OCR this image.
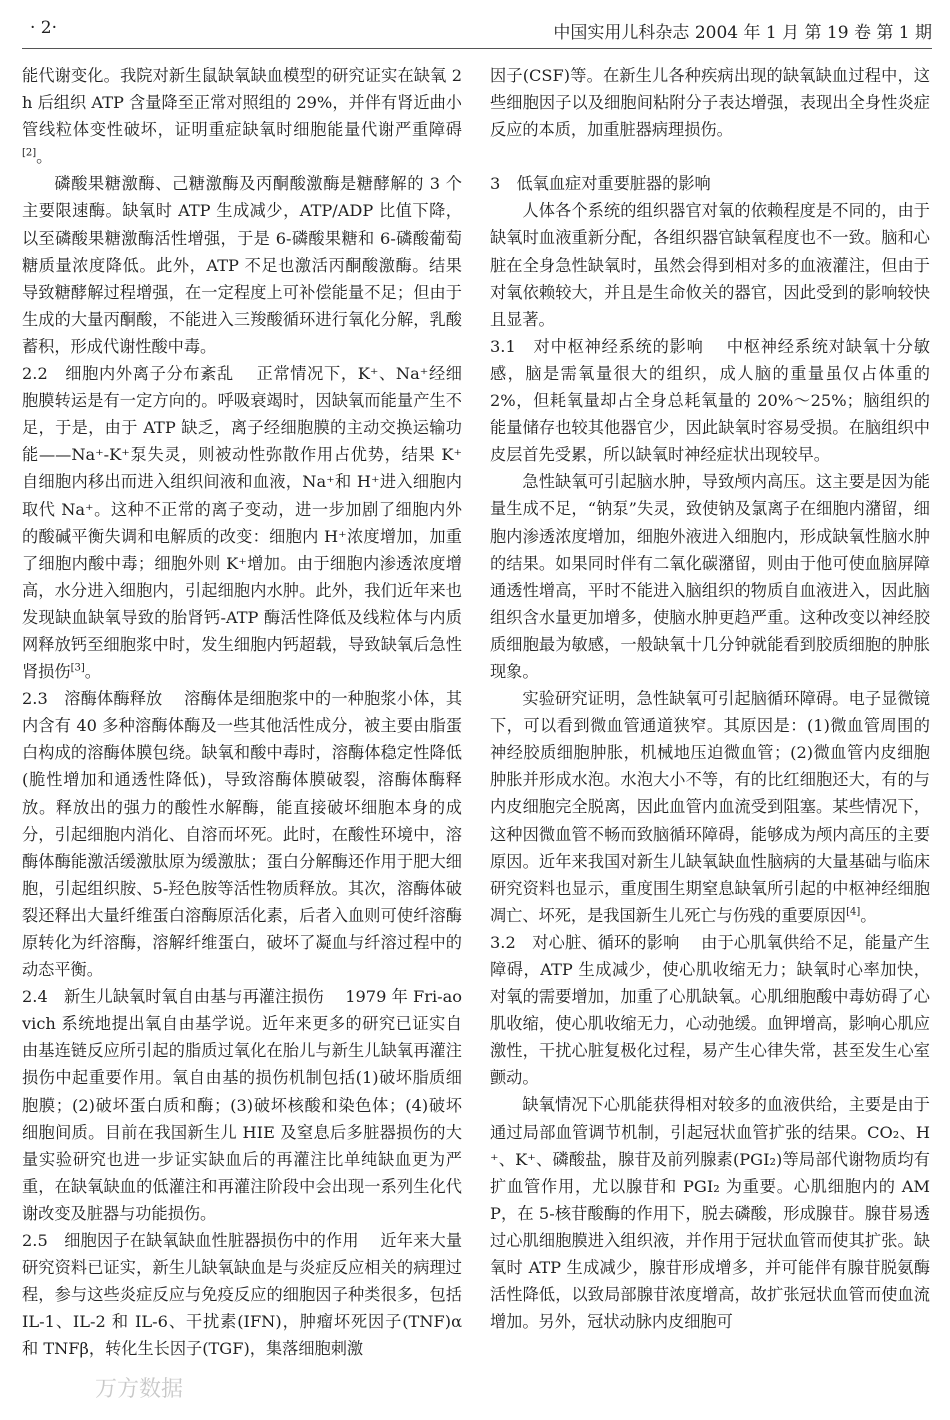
· 2·	中国实用儿科杂志 2004 年 1 月 第 19 卷 第 1 期

能代谢变化。我院对新生鼠缺氧缺血模型的研究证实在缺氧 2h 后组织 ATP 含量降至正常对照组的 29%，并伴有肾近曲小管线粒体变性破坏，证明重症缺氧时细胞能量代谢严重障碍[2]。

磷酸果糖激酶、己糖激酶及丙酮酸激酶是糖酵解的 3 个主要限速酶。缺氧时 ATP 生成减少，ATP/ADP 比值下降，以至磷酸果糖激酶活性增强，于是 6-磷酸果糖和 6-磷酸葡萄糖质量浓度降低。此外，ATP 不足也激活丙酮酸激酶。结果导致糖酵解过程增强，在一定程度上可补偿能量不足；但由于生成的大量丙酮酸，不能进入三羧酸循环进行氧化分解，乳酸蓄积，形成代谢性酸中毒。

2.2　细胞内外离子分布紊乱　 正常情况下，K⁺、Na⁺经细胞膜转运是有一定方向的。呼吸衰竭时，因缺氧而能量产生不足，于是，由于 ATP 缺乏，离子经细胞膜的主动交换运输功能——Na⁺-K⁺泵失灵，则被动性弥散作用占优势，结果 K⁺自细胞内移出而进入组织间液和血液，Na⁺和 H⁺进入细胞内取代 Na⁺。这种不正常的离子变动，进一步加剧了细胞内外的酸碱平衡失调和电解质的改变：细胞内 H⁺浓度增加，加重了细胞内酸中毒；细胞外则 K⁺增加。由于细胞内渗透浓度增高，水分进入细胞内，引起细胞内水肿。此外，我们近年来也发现缺血缺氧导致的胎肾钙-ATP 酶活性降低及线粒体与内质网释放钙至细胞浆中时，发生细胞内钙超载，导致缺氧后急性肾损伤[3]。

2.3　溶酶体酶释放　 溶酶体是细胞浆中的一种胞浆小体，其内含有 40 多种溶酶体酶及一些其他活性成分，被主要由脂蛋白构成的溶酶体膜包绕。缺氧和酸中毒时，溶酶体稳定性降低(脆性增加和通透性降低)，导致溶酶体膜破裂，溶酶体酶释放。释放出的强力的酸性水解酶，能直接破坏细胞本身的成分，引起细胞内消化、自溶而坏死。此时，在酸性环境中，溶酶体酶能激活缓激肽原为缓激肽；蛋白分解酶还作用于肥大细胞，引起组织胺、5-羟色胺等活性物质释放。其次，溶酶体破裂还释出大量纤维蛋白溶酶原活化素，后者入血则可使纤溶酶原转化为纤溶酶，溶解纤维蛋白，破坏了凝血与纤溶过程中的动态平衡。

2.4　新生儿缺氧时氧自由基与再灌注损伤　 1979 年 Fri-aovich 系统地提出氧自由基学说。近年来更多的研究已证实自由基连链反应所引起的脂质过氧化在胎儿与新生儿缺氧再灌注损伤中起重要作用。氧自由基的损伤机制包括(1)破坏脂质细胞膜；(2)破坏蛋白质和酶；(3)破坏核酸和染色体；(4)破坏细胞间质。目前在我国新生儿 HIE 及窒息后多脏器损伤的大量实验研究也进一步证实缺血后的再灌注比单纯缺血更为严重，在缺氧缺血的低灌注和再灌注阶段中会出现一系列生化代谢改变及脏器与功能损伤。

2.5　细胞因子在缺氧缺血性脏器损伤中的作用　 近年来大量研究资料已证实，新生儿缺氧缺血是与炎症反应相关的病理过程，参与这些炎症反应与免疫反应的细胞因子种类很多，包括 IL-1、IL-2 和 IL-6、干扰素(IFN)，肿瘤坏死因子(TNF)α 和 TNFβ，转化生长因子(TGF)，集落细胞刺激

因子(CSF)等。在新生儿各种疾病出现的缺氧缺血过程中，这些细胞因子以及细胞间粘附分子表达增强，表现出全身性炎症反应的本质，加重脏器病理损伤。

3　低氧血症对重要脏器的影响

人体各个系统的组织器官对氧的依赖程度是不同的，由于缺氧时血液重新分配，各组织器官缺氧程度也不一致。脑和心脏在全身急性缺氧时，虽然会得到相对多的血液灌注，但由于对氧依赖较大，并且是生命攸关的器官，因此受到的影响较快且显著。

3.1　对中枢神经系统的影响　 中枢神经系统对缺氧十分敏感，脑是需氧量很大的组织，成人脑的重量虽仅占体重的 2%，但耗氧量却占全身总耗氧量的 20%～25%；脑组织的能量储存也较其他器官少，因此缺氧时容易受损。在脑组织中皮层首先受累，所以缺氧时神经症状出现较早。

急性缺氧可引起脑水肿，导致颅内高压。这主要是因为能量生成不足，“钠泵”失灵，致使钠及氯离子在细胞内潴留，细胞内渗透浓度增加，细胞外液进入细胞内，形成缺氧性脑水肿的结果。如果同时伴有二氧化碳潴留，则由于他可使血脑屏障通透性增高，平时不能进入脑组织的物质自血液进入，因此脑组织含水量更加增多，使脑水肿更趋严重。这种改变以神经胶质细胞最为敏感，一般缺氧十几分钟就能看到胶质细胞的肿胀现象。

实验研究证明，急性缺氧可引起脑循环障碍。电子显微镜下，可以看到微血管通道狭窄。其原因是：(1)微血管周围的神经胶质细胞肿胀，机械地压迫微血管；(2)微血管内皮细胞肿胀并形成水泡。水泡大小不等，有的比红细胞还大，有的与内皮细胞完全脱离，因此血管内血流受到阻塞。某些情况下，这种因微血管不畅而致脑循环障碍，能够成为颅内高压的主要原因。近年来我国对新生儿缺氧缺血性脑病的大量基础与临床研究资料也显示，重度围生期窒息缺氧所引起的中枢神经细胞凋亡、坏死，是我国新生儿死亡与伤残的重要原因[4]。

3.2　对心脏、循环的影响　 由于心肌氧供给不足，能量产生障碍，ATP 生成减少，使心肌收缩无力；缺氧时心率加快，对氧的需要增加，加重了心肌缺氧。心肌细胞酸中毒妨碍了心肌收缩，使心肌收缩无力，心动弛缓。血钾增高，影响心肌应激性，干扰心脏复极化过程，易产生心律失常，甚至发生心室颤动。

缺氧情况下心肌能获得相对较多的血液供给，主要是由于通过局部血管调节机制，引起冠状血管扩张的结果。CO₂、H⁺、K⁺、磷酸盐，腺苷及前列腺素(PGI₂)等局部代谢物质均有扩血管作用，尤以腺苷和 PGI₂ 为重要。心肌细胞内的 AMP，在 5-核苷酸酶的作用下，脱去磷酸，形成腺苷。腺苷易透过心肌细胞膜进入组织液，并作用于冠状血管而使其扩张。缺氧时 ATP 生成减少，腺苷形成增多，并可能伴有腺苷脱氨酶活性降低，以致局部腺苷浓度增高，故扩张冠状血管而使血流增加。另外，冠状动脉内皮细胞可

万方数据
